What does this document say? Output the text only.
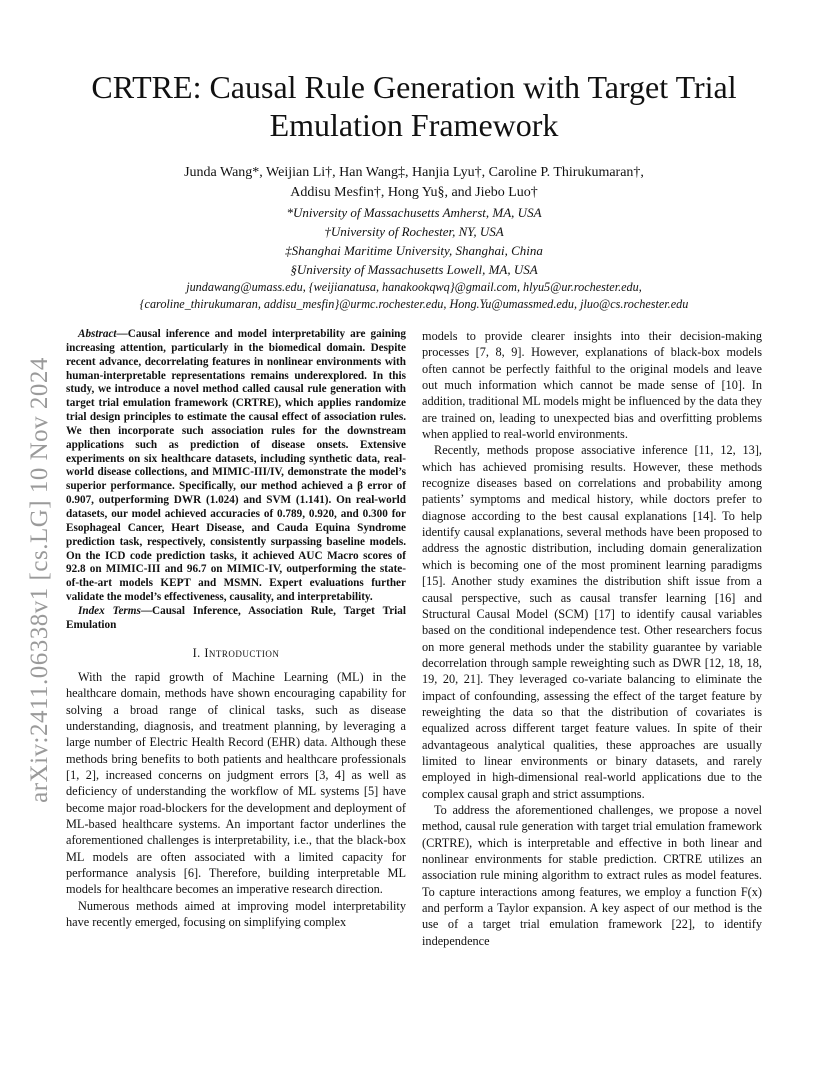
arXiv:2411.06338v1 [cs.LG] 10 Nov 2024
CRTRE: Causal Rule Generation with Target Trial Emulation Framework
Junda Wang*, Weijian Li†, Han Wang‡, Hanjia Lyu†, Caroline P. Thirukumaran†,
Addisu Mesfin†, Hong Yu§, and Jiebo Luo†
*University of Massachusetts Amherst, MA, USA
†University of Rochester, NY, USA
‡Shanghai Maritime University, Shanghai, China
§University of Massachusetts Lowell, MA, USA
jundawang@umass.edu, {weijianatusa, hanakookqwq}@gmail.com, hlyu5@ur.rochester.edu,
{caroline_thirukumaran, addisu_mesfin}@urmc.rochester.edu, Hong.Yu@umassmed.edu, jluo@cs.rochester.edu

Abstract—Causal inference and model interpretability are gaining increasing attention, particularly in the biomedical domain. Despite recent advance, decorrelating features in nonlinear environments with human-interpretable representations remains underexplored. In this study, we introduce a novel method called causal rule generation with target trial emulation framework (CRTRE), which applies randomize trial design principles to estimate the causal effect of association rules. We then incorporate such association rules for the downstream applications such as prediction of disease onsets. Extensive experiments on six healthcare datasets, including synthetic data, real-world disease collections, and MIMIC-III/IV, demonstrate the model’s superior performance. Specifically, our method achieved a β error of 0.907, outperforming DWR (1.024) and SVM (1.141). On real-world datasets, our model achieved accuracies of 0.789, 0.920, and 0.300 for Esophageal Cancer, Heart Disease, and Cauda Equina Syndrome prediction task, respectively, consistently surpassing baseline models. On the ICD code prediction tasks, it achieved AUC Macro scores of 92.8 on MIMIC-III and 96.7 on MIMIC-IV, outperforming the state-of-the-art models KEPT and MSMN. Expert evaluations further validate the model’s effectiveness, causality, and interpretability.

Index Terms—Causal Inference, Association Rule, Target Trial Emulation

I. Introduction

With the rapid growth of Machine Learning (ML) in the healthcare domain, methods have shown encouraging capability for solving a broad range of clinical tasks, such as disease understanding, diagnosis, and treatment planning, by leveraging a large number of Electric Health Record (EHR) data. Although these methods bring benefits to both patients and healthcare professionals [1, 2], increased concerns on judgment errors [3, 4] as well as deficiency of understanding the workflow of ML systems [5] have become major road-blockers for the development and deployment of ML-based healthcare systems. An important factor underlines the aforementioned challenges is interpretability, i.e., that the black-box ML models are often associated with a limited capacity for performance analysis [6]. Therefore, building interpretable ML models for healthcare becomes an imperative research direction.

Numerous methods aimed at improving model interpretability have recently emerged, focusing on simplifying complex

models to provide clearer insights into their decision-making processes [7, 8, 9]. However, explanations of black-box models often cannot be perfectly faithful to the original models and leave out much information which cannot be made sense of [10]. In addition, traditional ML models might be influenced by the data they are trained on, leading to unexpected bias and overfitting problems when applied to real-world environments.

Recently, methods propose associative inference [11, 12, 13], which has achieved promising results. However, these methods recognize diseases based on correlations and probability among patients’ symptoms and medical history, while doctors prefer to diagnose according to the best causal explanations [14]. To help identify causal explanations, several methods have been proposed to address the agnostic distribution, including domain generalization which is becoming one of the most prominent learning paradigms [15]. Another study examines the distribution shift issue from a causal perspective, such as causal transfer learning [16] and Structural Causal Model (SCM) [17] to identify causal variables based on the conditional independence test. Other researchers focus on more general methods under the stability guarantee by variable decorrelation through sample reweighting such as DWR [12, 18, 18, 19, 20, 21]. They leveraged co-variate balancing to eliminate the impact of confounding, assessing the effect of the target feature by reweighting the data so that the distribution of covariates is equalized across different target feature values. In spite of their advantageous analytical qualities, these approaches are usually limited to linear environments or binary datasets, and rarely employed in high-dimensional real-world applications due to the complex causal graph and strict assumptions.

To address the aforementioned challenges, we propose a novel method, causal rule generation with target trial emulation framework (CRTRE), which is interpretable and effective in both linear and nonlinear environments for stable prediction. CRTRE utilizes an association rule mining algorithm to extract rules as model features. To capture interactions among features, we employ a function F(x) and perform a Taylor expansion. A key aspect of our method is the use of a target trial emulation framework [22], to identify independence
